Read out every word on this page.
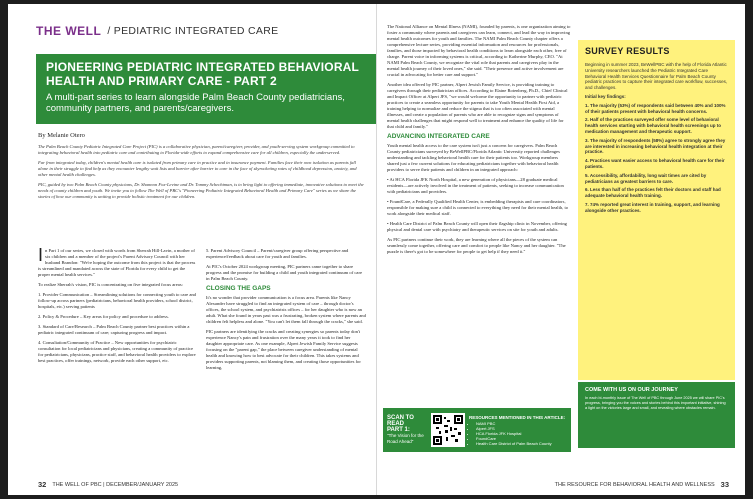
THE WELL / PEDIATRIC INTEGRATED CARE
PIONEERING PEDIATRIC INTEGRATED BEHAVIORAL HEALTH AND PRIMARY CARE - PART 2
A multi-part series to learn alongside Palm Beach County pediatricians, community partners, and parents/caregivers.
By Melanie Otero

The Palm Beach County Pediatric Integrated Care Project (PIC) is a collaborative physician, parent/caregiver, provider, and youth-serving system workgroup committed to integrating behavioral health into pediatric care and contributing to Florida-wide efforts to expand comprehensive care for all children, especially the underserved.

Far from integrated today, children's mental health care is isolated from primary care in practice and in insurance payment. Families face their own isolation as parents fall alone in their struggle to find help as they encounter lengthy wait lists and barrier after barrier to care in the face of skyrocketing rates of childhood depression, anxiety, and other mental health challenges.

PIC, guided by two Palm Beach County physicians, Dr. Shannon Fox-Levine and Dr. Tommy Schechtman, is to bring light to offering immediate, innovative solutions to meet the needs of county children and youth. We invite you to follow The Well of PBC's "Pioneering Pediatric Integrated Behavioral Health and Primary Care" series as we share the stories of how our community is uniting to provide holistic treatment for our children.

In Part 1 of our series, we closed with words from Sherrah Hill-Lavin, a mother of six children and a member of the project's Parent Advisory Council with her husband Brandon: "We're hoping the outcome from this project is that the process is streamlined and mandated across the state of Florida for every child to get the proper mental health services."

To realize Sherrah's vision, PIC is concentrating on five integrated focus areas:

1. Provider Communication – Streamlining solutions for connecting youth to care and follow-up across partners (pediatricians, behavioral health providers, school district, hospitals, etc.) serving patients

2. Policy & Procedure – Key areas for policy and procedure to address.

3. Standard of Care/Research – Palm Beach County partner best practices within a pediatric integrated continuum of care; capturing progress and impact.

4. Consultation/Community of Practice – New opportunities for psychiatric consultation for local pediatricians and physicians, creating a community of practice for pediatricians, physicians, practice staff, and behavioral health providers to explore best practices, offer trainings, network, provide each other support, etc.

5. Parent Advisory Council – Parent/caregiver group offering perspective and experience/feedback about care for youth and families.

At PIC's October 2024 workgroup meeting, PIC partners came together to share progress and the promise for building a child and youth integrated continuum of care in Palm Beach County.

CLOSING THE GAPS

It's no wonder that provider communication is a focus area. Parents like Nancy Alexander have struggled to find an integrated system of care – through doctor's offices, the school system, and psychiatrists offices – for her daughter who is now an adult. What she found in years past was a frustrating, broken system where parents and children felt helpless and alone. "You can't let them fall through the cracks," she said.

PIC partners are identifying the cracks and creating synergies so parents today don't experience Nancy's pain and frustration over the many years it took to find her daughter appropriate care. As one example, Alpert Jewish Family Service suggests focusing on the "parent gap," the place between caregiver understanding of mental health and knowing how to best advocate for their children. This takes systems and providers supporting parents, not blaming them, and creating those opportunities for learning,

32 THE WELL OF PBC | DECEMBER/JANUARY 2025

The National Alliance on Mental Illness (NAMI), founded by parents, is one organization aiming to foster a community where parents and caregivers can learn, connect, and lead the way in improving mental health outcomes for youth and families. The NAMI Palm Beach County chapter offers a comprehensive lecture series, providing essential information and resources for professionals, families, and those impacted by behavioral health conditions to learn alongside each other, free of charge. Parent voice in informing systems is critical, according to Katherine Murphy, CEO. "At NAMI Palm Beach County, we recognize the vital role that parents and caregivers play in the mental health journey of their loved ones," she said. "Their presence and active involvement are crucial in advocating for better care and support."

Another idea offered by PIC partner, Alpert Jewish Family Service, is providing training to caregivers through their pediatrician offices. According to Elaine Rotenberg, Ph.D., Chief Clinical and Impact Officer at Alpert JFS, "we would welcome the opportunity to partner with pediatric practices to create a seamless opportunity for parents to take Youth Mental Health First Aid, a training helping to normalize and reduce the stigma that is too often associated with mental illnesses, and create a population of parents who are able to recognize signs and symptoms of mental health challenges that might respond well to treatment and enhance the quality of life for that child and family."

ADVANCING INTEGRATED CARE

Youth mental health access to the care system isn't just a concern for caregivers. Palm Beach County pediatricians surveyed by BeWellPBC/Florida Atlantic University reported challenges understanding and tackling behavioral health care for their patients too. Workgroup members shared just a few current solutions for educating pediatricians together with behavioral health providers to serve their patients and children in an integrated approach:

• At HCA Florida JFK North Hospital, a new generation of physicians—28 graduate medical residents—are actively involved in the treatment of patients, seeking to increase communication with pediatricians and providers.

• FoundCare, a Federally Qualified Health Center, is embedding therapists and care coordinators, responsible for making sure a child is connected to everything they need for their mental health, to work alongside their medical staff.

• Health Care District of Palm Beach County will open their flagship clinic in November, offering physical and dental care with psychiatry and therapeutic services on site for youth and adults.

As PIC partners continue their work, they are learning where all the pieces of the system can seamlessly come together, offering care and comfort to people like Nancy and her daughter. "The puzzle is there's got to be somewhere for people to get help if they need it."

SURVEY RESULTS

Beginning in summer 2023, BeWellPBC with the help of Florida Atlantic University researchers launched the Pediatric Integrated Care Behavioral Health Services Questionnaire for Palm Beach County pediatric practices to capture their integrated care workflow, successes, and challenges.

Initial key findings:

1. The majority (53%) of respondents said between 40% and 100% of their patients present with behavioral health concerns.

2. Half of the practices surveyed offer some level of behavioral health services starting with behavioral health screenings up to medication management and therapeutic support.

3. The majority of respondents (58%) agree to strongly agree they are interested in increasing behavioral health integration at their practice.

4. Practices want easier access to behavioral health care for their patients.

5. Accessibility, affordability, long wait times are cited by pediatricians as greatest barriers to care.

6. Less than half of the practices felt their doctors and staff had adequate behavioral health training.

7. 74% reported great interest in training, support, and learning alongside other practices.

COME WITH US ON OUR JOURNEY

In each bi-monthly issue of The Well of PBC through June 2025 we will share PIC's progress, bringing you the voices and stories behind this important initiative, shining a light on the victories large and small, and revealing where obstacles remain.

SCAN TO READ
PART 1:
"The Vision for the Road Ahead"
RESOURCES MENTIONED IN THIS ARTICLE:
• NAMI PBC
• Alpert JFS
• HCA Florida JFK Hospital
• FoundCare
• Health Care District of Palm Beach County
THE RESOURCE FOR BEHAVIORAL HEALTH AND WELLNESS 33
